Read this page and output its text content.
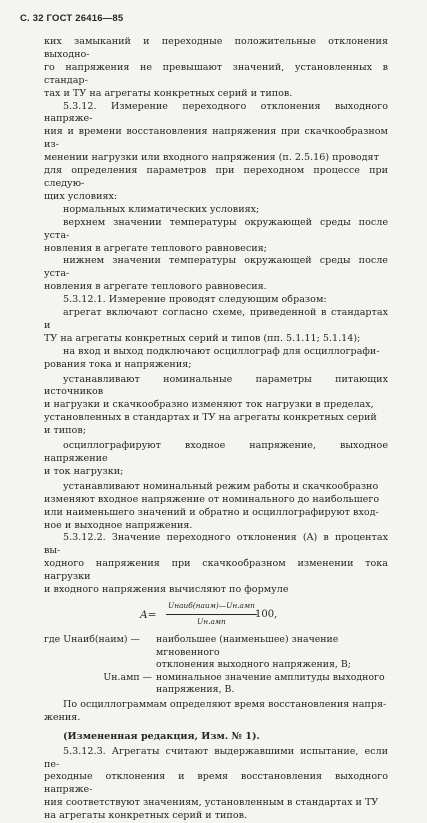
С. 32 ГОСТ 26416—85

ких замыканий и переходные положительные отклонения выходно-

го напряжения не превышают значений, установленных в стандар-

тах и ТУ на агрегаты конкретных серий и типов.

5.3.12. Измерение переходного отклонения выходного напряже-

ния и времени восстановления напряжения при скачкообразном из-

менении нагрузки или входного напряжения (п. 2.5.16) проводят

для определения параметров при переходном процессе при следую-

щих условиях:

нормальных климатических условиях;

верхнем значении температуры окружающей среды после уста-

новления в агрегате теплового равновесия;

нижнем значении температуры окружающей среды после уста-

новления в агрегате теплового равновесия.

5.3.12.1. Измерение проводят следующим образом:

агрегат включают согласно схеме, приведенной в стандартах и

ТУ на агрегаты конкретных серий и типов (пп. 5.1.11; 5.1.14);

на вход и выход подключают осциллограф для осциллографи-

рования тока и напряжения;

устанавливают номинальные параметры питающих источников

и нагрузки и скачкообразно изменяют ток нагрузки в пределах,

установленных в стандартах и ТУ на агрегаты конкретных серий

и типов;

осциллографируют входное напряжение, выходное напряжение

и ток нагрузки;

устанавливают номинальный режим работы и скачкообразно

изменяют входное напряжение от номинального до наибольшего

или наименьшего значений и обратно и осциллографируют вход-

ное и выходное напряжения.

5.3.12.2. Значение переходного отклонения (A) в процентах вы-

ходного напряжения при скачкообразном изменении тока нагрузки

и входного напряжения вычисляют по формуле

A=
Uнаиб(наим)—Uн.амп
Uн.амп
100,
где Uнаиб(наим) —	наибольшее (наименьшее) значение мгновенного
отклонения выходного напряжения, В;
Uн.амп — номинальное значение амплитуды выходного
напряжения, В.

По осциллограммам определяют время восстановления напря-

жения.

(Измененная редакция, Изм. № 1).

5.3.12.3. Агрегаты считают выдержавшими испытание, если пе-

реходные отклонения и время восстановления выходного напряже-

ния соответствуют значениям, установленным в стандартах и ТУ

на агрегаты конкретных серий и типов.
